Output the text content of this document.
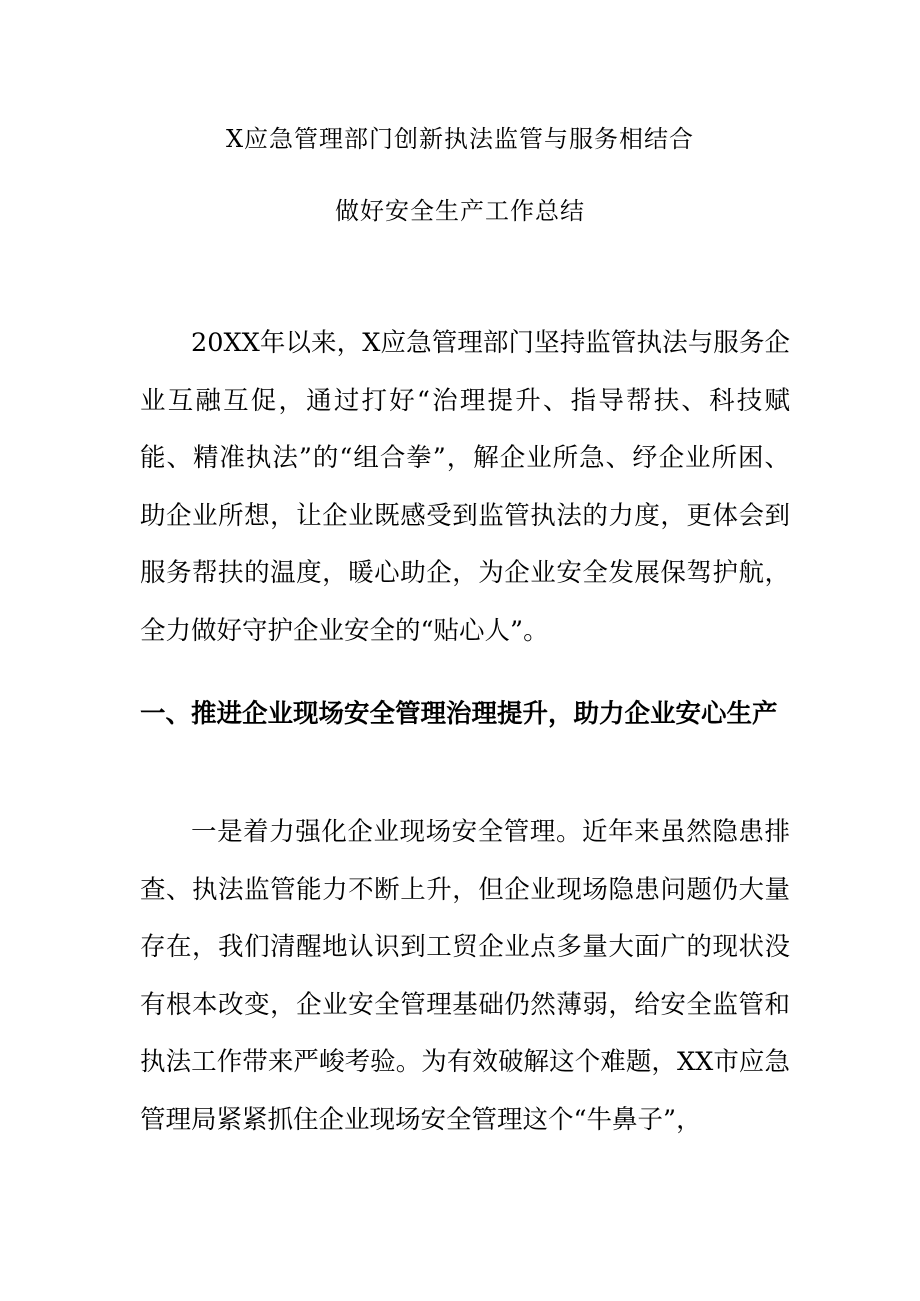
X应急管理部门创新执法监管与服务相结合
做好安全生产工作总结

20XX年以来，X应急管理部门坚持监管执法与服务企业互融互促，通过打好“治理提升、指导帮扶、科技赋能、精准执法”的“组合拳”，解企业所急、纾企业所困、助企业所想，让企业既感受到监管执法的力度，更体会到服务帮扶的温度，暖心助企，为企业安全发展保驾护航，全力做好守护企业安全的“贴心人”。

一、推进企业现场安全管理治理提升，助力企业安心生产

一是着力强化企业现场安全管理。近年来虽然隐患排查、执法监管能力不断上升，但企业现场隐患问题仍大量存在，我们清醒地认识到工贸企业点多量大面广的现状没有根本改变，企业安全管理基础仍然薄弱，给安全监管和执法工作带来严峻考验。为有效破解这个难题，XX市应急管理局紧紧抓住企业现场安全管理这个“牛鼻子”，
